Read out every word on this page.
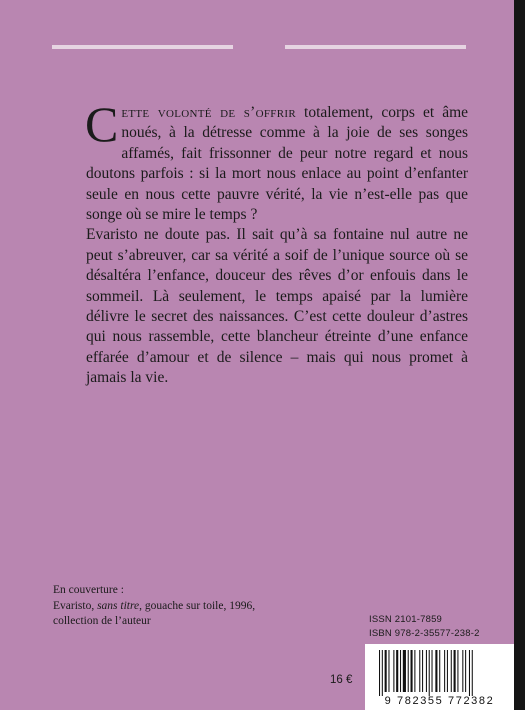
Cette volonté de s’offrir totalement, corps et âme noués, à la détresse comme à la joie de ses songes affamés, fait frissonner de peur notre regard et nous doutons parfois : si la mort nous enlace au point d’enfanter seule en nous cette pauvre vérité, la vie n’est-elle pas que songe où se mire le temps ?

Evaristo ne doute pas. Il sait qu’à sa fontaine nul autre ne peut s’abreuver, car sa vérité a soif de l’unique source où se désaltéra l’enfance, douceur des rêves d’or enfouis dans le sommeil. Là seulement, le temps apaisé par la lumière délivre le secret des naissances. C’est cette douleur d’astres qui nous rassemble, cette blancheur étreinte d’une enfance effarée d’amour et de silence – mais qui nous promet à jamais la vie.

En couverture :
Evaristo, sans titre, gouache sur toile, 1996,
collection de l’auteur	ISSN 2101-7859
ISBN 978-2-35577-238-2
16 €
9 782355 772382
